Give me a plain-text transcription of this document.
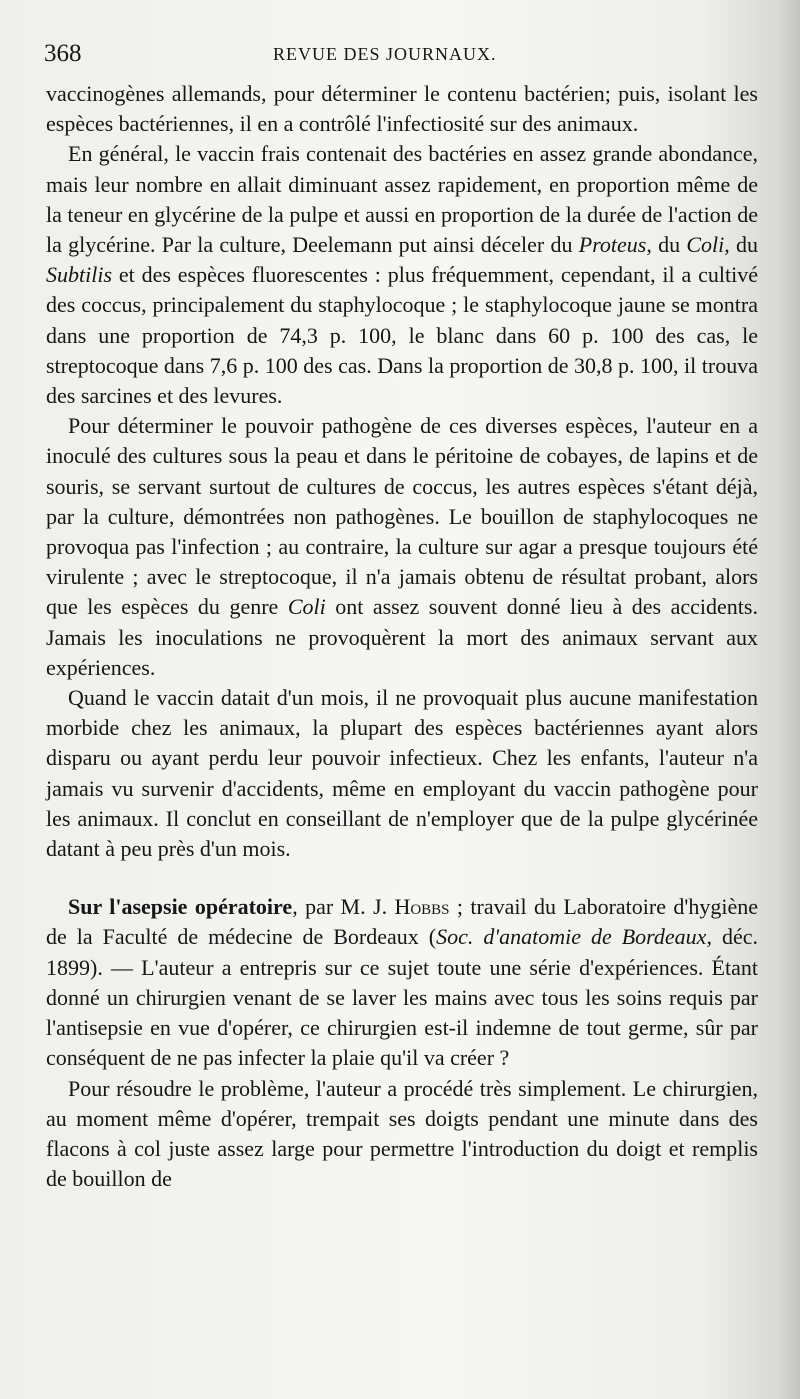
368	REVUE DES JOURNAUX.

vaccinogènes allemands, pour déterminer le contenu bactérien; puis, isolant les espèces bactériennes, il en a contrôlé l'infectiosité sur des animaux.

En général, le vaccin frais contenait des bactéries en assez grande abondance, mais leur nombre en allait diminuant assez rapidement, en proportion même de la teneur en glycérine de la pulpe et aussi en proportion de la durée de l'action de la glycérine. Par la culture, Deelemann put ainsi déceler du Proteus, du Coli, du Subtilis et des espèces fluorescentes : plus fréquemment, cependant, il a cultivé des coccus, principalement du staphylocoque ; le staphylocoque jaune se montra dans une proportion de 74,3 p. 100, le blanc dans 60 p. 100 des cas, le streptocoque dans 7,6 p. 100 des cas. Dans la proportion de 30,8 p. 100, il trouva des sarcines et des levures.

Pour déterminer le pouvoir pathogène de ces diverses espèces, l'auteur en a inoculé des cultures sous la peau et dans le péritoine de cobayes, de lapins et de souris, se servant surtout de cultures de coccus, les autres espèces s'étant déjà, par la culture, démontrées non pathogènes. Le bouillon de staphylocoques ne provoqua pas l'infection ; au contraire, la culture sur agar a presque toujours été virulente ; avec le streptocoque, il n'a jamais obtenu de résultat probant, alors que les espèces du genre Coli ont assez souvent donné lieu à des accidents. Jamais les inoculations ne provoquèrent la mort des animaux servant aux expériences.

Quand le vaccin datait d'un mois, il ne provoquait plus aucune manifestation morbide chez les animaux, la plupart des espèces bactériennes ayant alors disparu ou ayant perdu leur pouvoir infectieux. Chez les enfants, l'auteur n'a jamais vu survenir d'accidents, même en employant du vaccin pathogène pour les animaux. Il conclut en conseillant de n'employer que de la pulpe glycérinée datant à peu près d'un mois.

Sur l'asepsie opératoire, par M. J. Hobbs ; travail du Laboratoire d'hygiène de la Faculté de médecine de Bordeaux (Soc. d'anatomie de Bordeaux, déc. 1899). — L'auteur a entrepris sur ce sujet toute une série d'expériences. Étant donné un chirurgien venant de se laver les mains avec tous les soins requis par l'antisepsie en vue d'opérer, ce chirurgien est-il indemne de tout germe, sûr par conséquent de ne pas infecter la plaie qu'il va créer ?

Pour résoudre le problème, l'auteur a procédé très simplement. Le chirurgien, au moment même d'opérer, trempait ses doigts pendant une minute dans des flacons à col juste assez large pour permettre l'introduction du doigt et remplis de bouillon de
